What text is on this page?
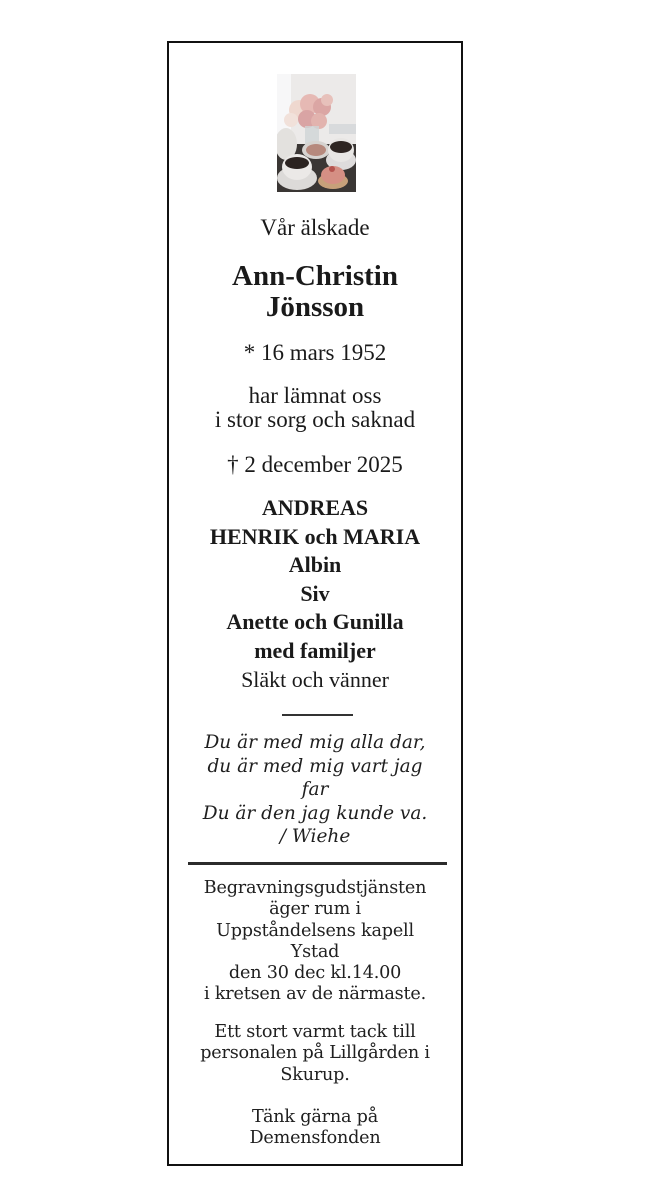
Vår älskade
Ann-Christin
Jönsson
* 16 mars 1952
har lämnat oss
i stor sorg och saknad
† 2 december 2025
ANDREAS
HENRIK och MARIA
Albin
Siv
Anette och Gunilla
med familjer
Släkt och vänner
Du är med mig alla dar,
du är med mig vart jag
far
Du är den jag kunde va.
/ Wiehe
Begravningsgudstjänsten
äger rum i
Uppståndelsens kapell
Ystad
den 30 dec kl.14.00
i kretsen av de närmaste.
Ett stort varmt tack till
personalen på Lillgården i
Skurup.
Tänk gärna på
Demensfonden
